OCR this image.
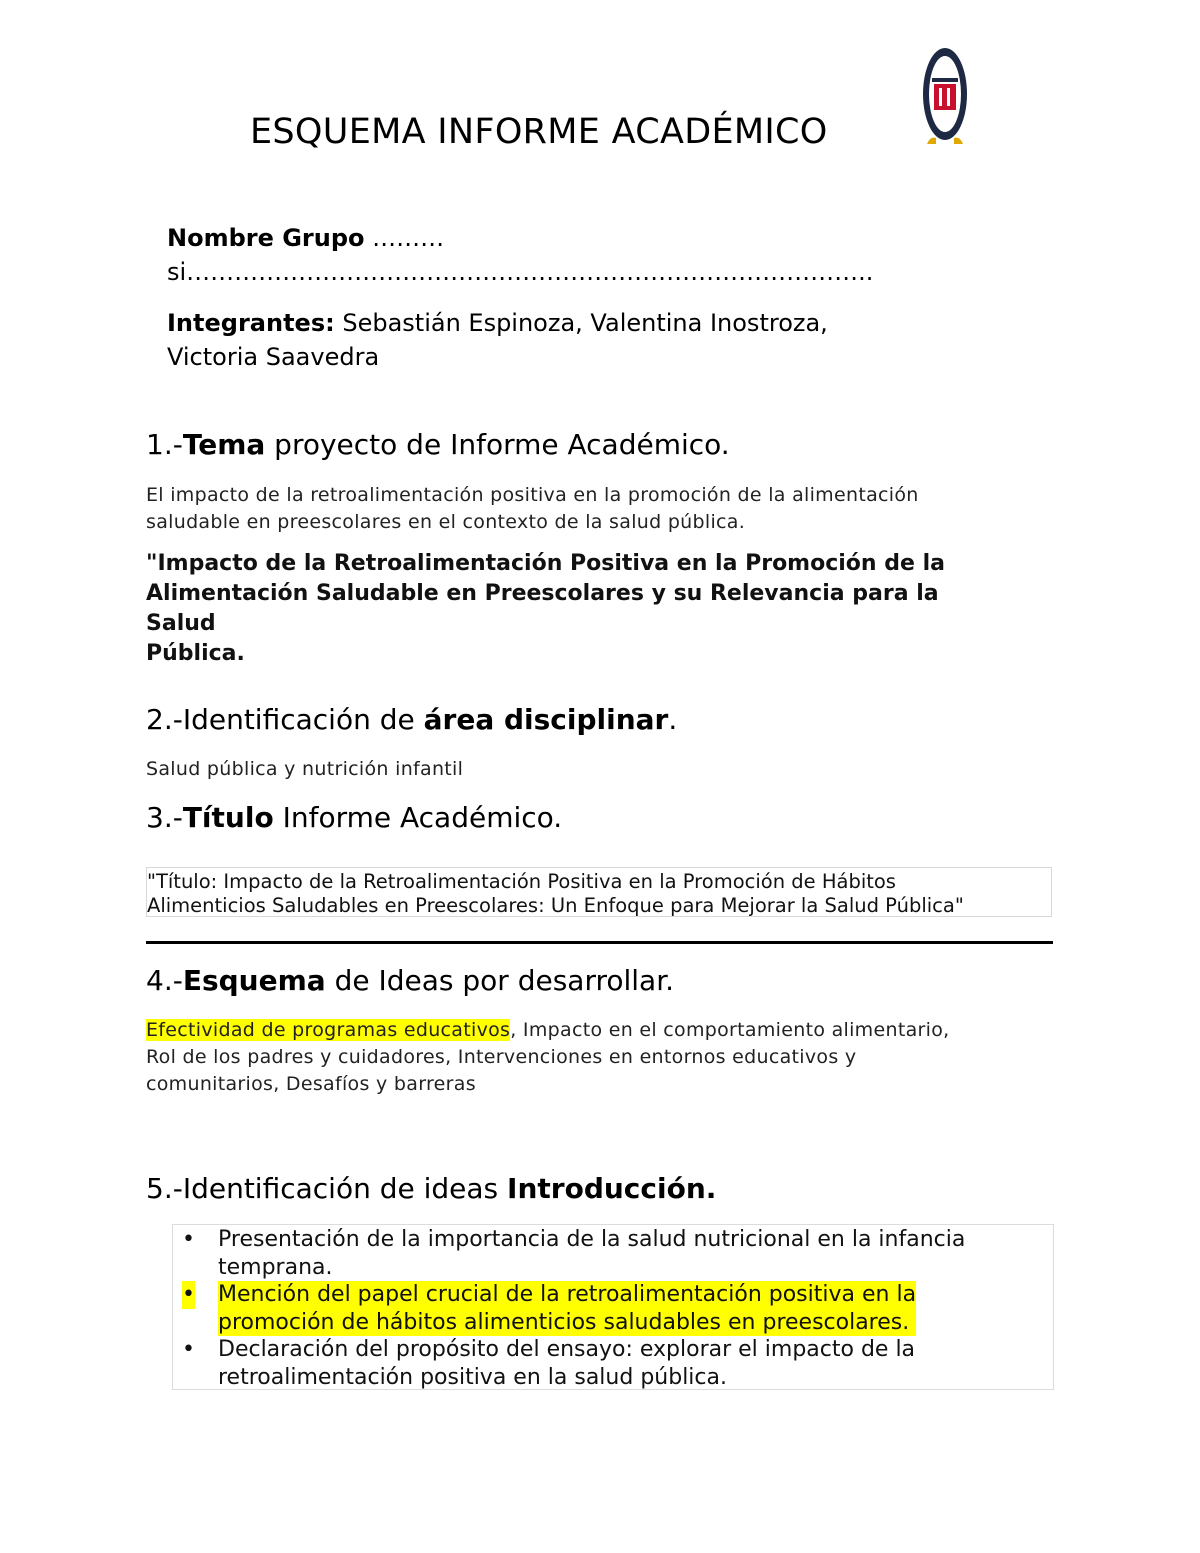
ESQUEMA INFORME ACADÉMICO
Nombre Grupo ………
si…………………………………………………………………………..
Integrantes: Sebastián Espinoza, Valentina Inostroza,
Victoria Saavedra
1.-Tema proyecto de Informe Académico.
El impacto de la retroalimentación positiva en la promoción de la alimentación
saludable en preescolares en el contexto de la salud pública.
"Impacto de la Retroalimentación Positiva en la Promoción de la
Alimentación Saludable en Preescolares y su Relevancia para la Salud
Pública.
2.-Identificación de área disciplinar.
Salud pública y nutrición infantil
3.-Título Informe Académico.
"Título: Impacto de la Retroalimentación Positiva en la Promoción de Hábitos
Alimenticios Saludables en Preescolares: Un Enfoque para Mejorar la Salud Pública"
4.-Esquema de Ideas por desarrollar.
Efectividad de programas educativos, Impacto en el comportamiento alimentario,
Rol de los padres y cuidadores, Intervenciones en entornos educativos y
comunitarios, Desafíos y barreras
5.-Identificación de ideas Introducción.
• Presentación de la importancia de la salud nutricional en la infancia
temprana.
• Mención del papel crucial de la retroalimentación positiva en la
promoción de hábitos alimenticios saludables en preescolares.
• Declaración del propósito del ensayo: explorar el impacto de la
retroalimentación positiva en la salud pública.
